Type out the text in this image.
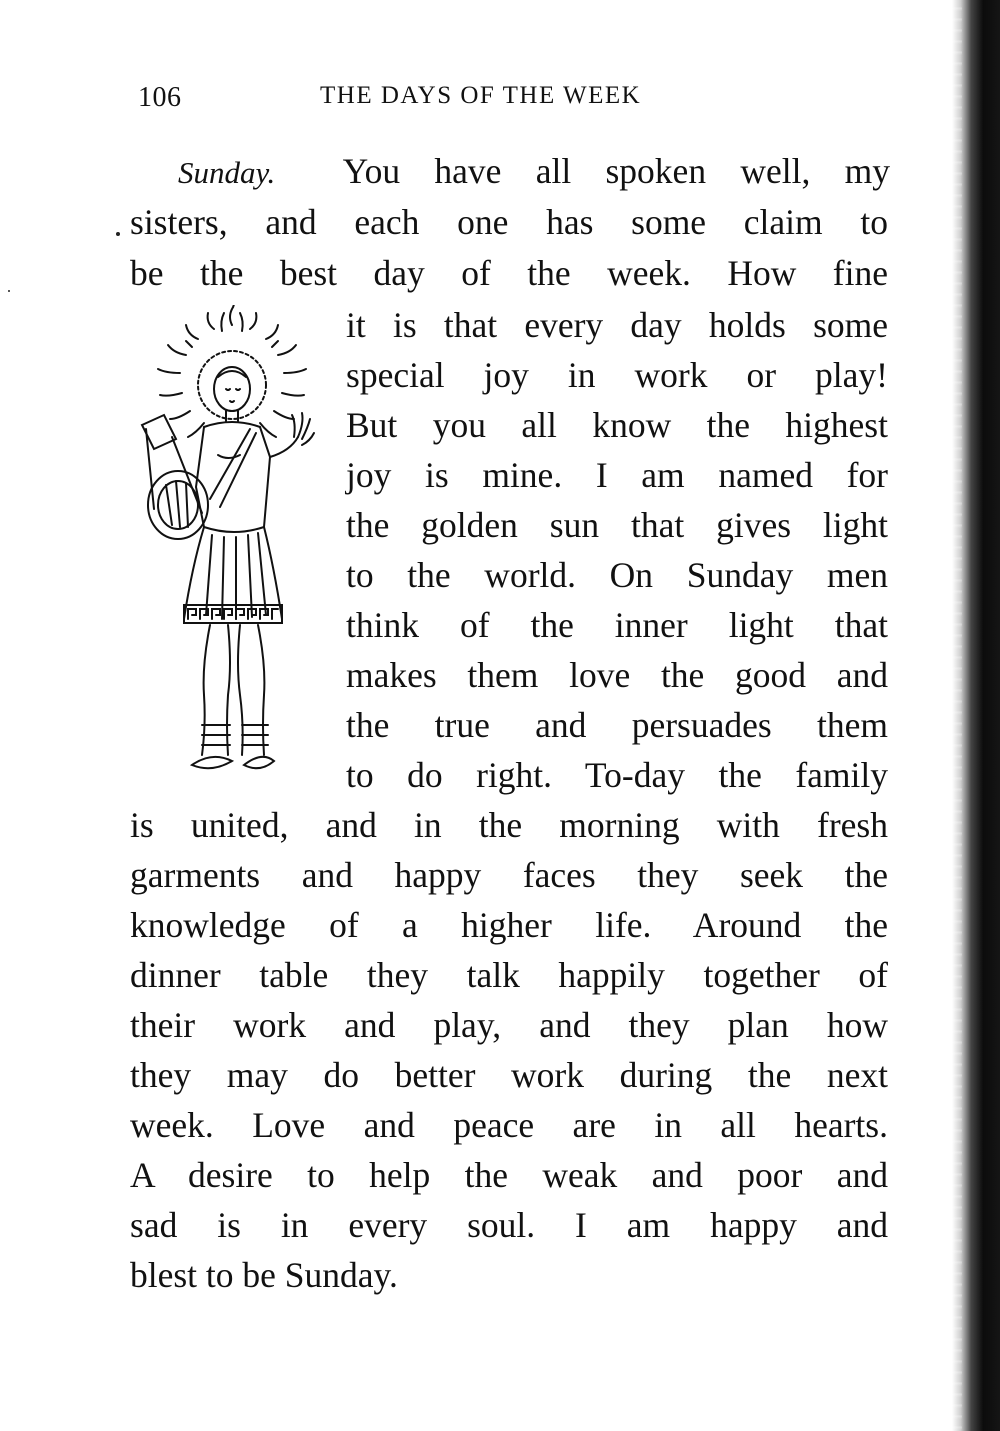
106	THE DAYS OF THE WEEK
Sunday. You have all spoken well, my
sisters, and each one has some claim to
be the best day of the week. How fine
it is that every day holds some
special joy in work or play!
But you all know the highest
joy is mine. I am named for
the golden sun that gives light
to the world. On Sunday men
think of the inner light that
makes them love the good and
the true and persuades them
to do right. To-day the family
is united, and in the morning with fresh
garments and happy faces they seek the
knowledge of a higher life. Around the
dinner table they talk happily together of
their work and play, and they plan how
they may do better work during the next
week. Love and peace are in all hearts.
A desire to help the weak and poor and
sad is in every soul. I am happy and
blest to be Sunday.
